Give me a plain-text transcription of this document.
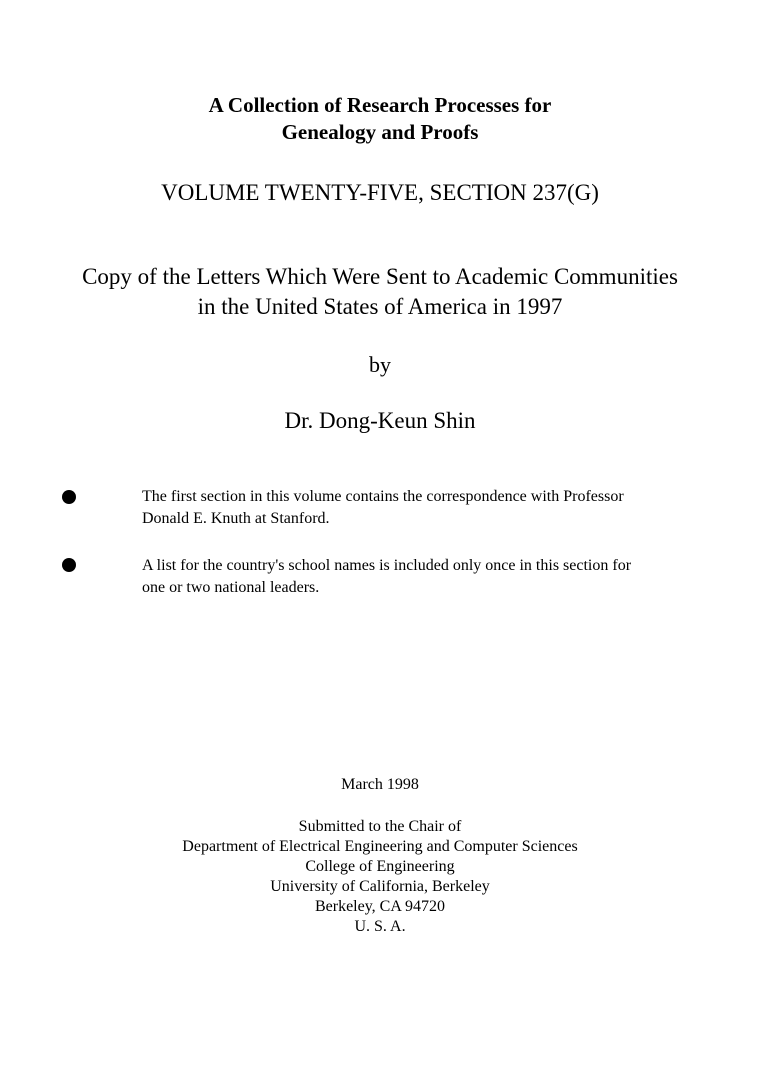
A Collection of Research Processes for
Genealogy and Proofs
VOLUME TWENTY-FIVE, SECTION 237(G)
Copy of the Letters Which Were Sent to Academic Communities
in the United States of America in 1997
by
Dr. Dong-Keun Shin
The first section in this volume contains the correspondence with Professor
Donald E. Knuth at Stanford.
A list for the country's school names is included only once in this section for
one or two national leaders.
March 1998
Submitted to the Chair of
Department of Electrical Engineering and Computer Sciences
College of Engineering
University of California, Berkeley
Berkeley, CA 94720
U. S. A.
